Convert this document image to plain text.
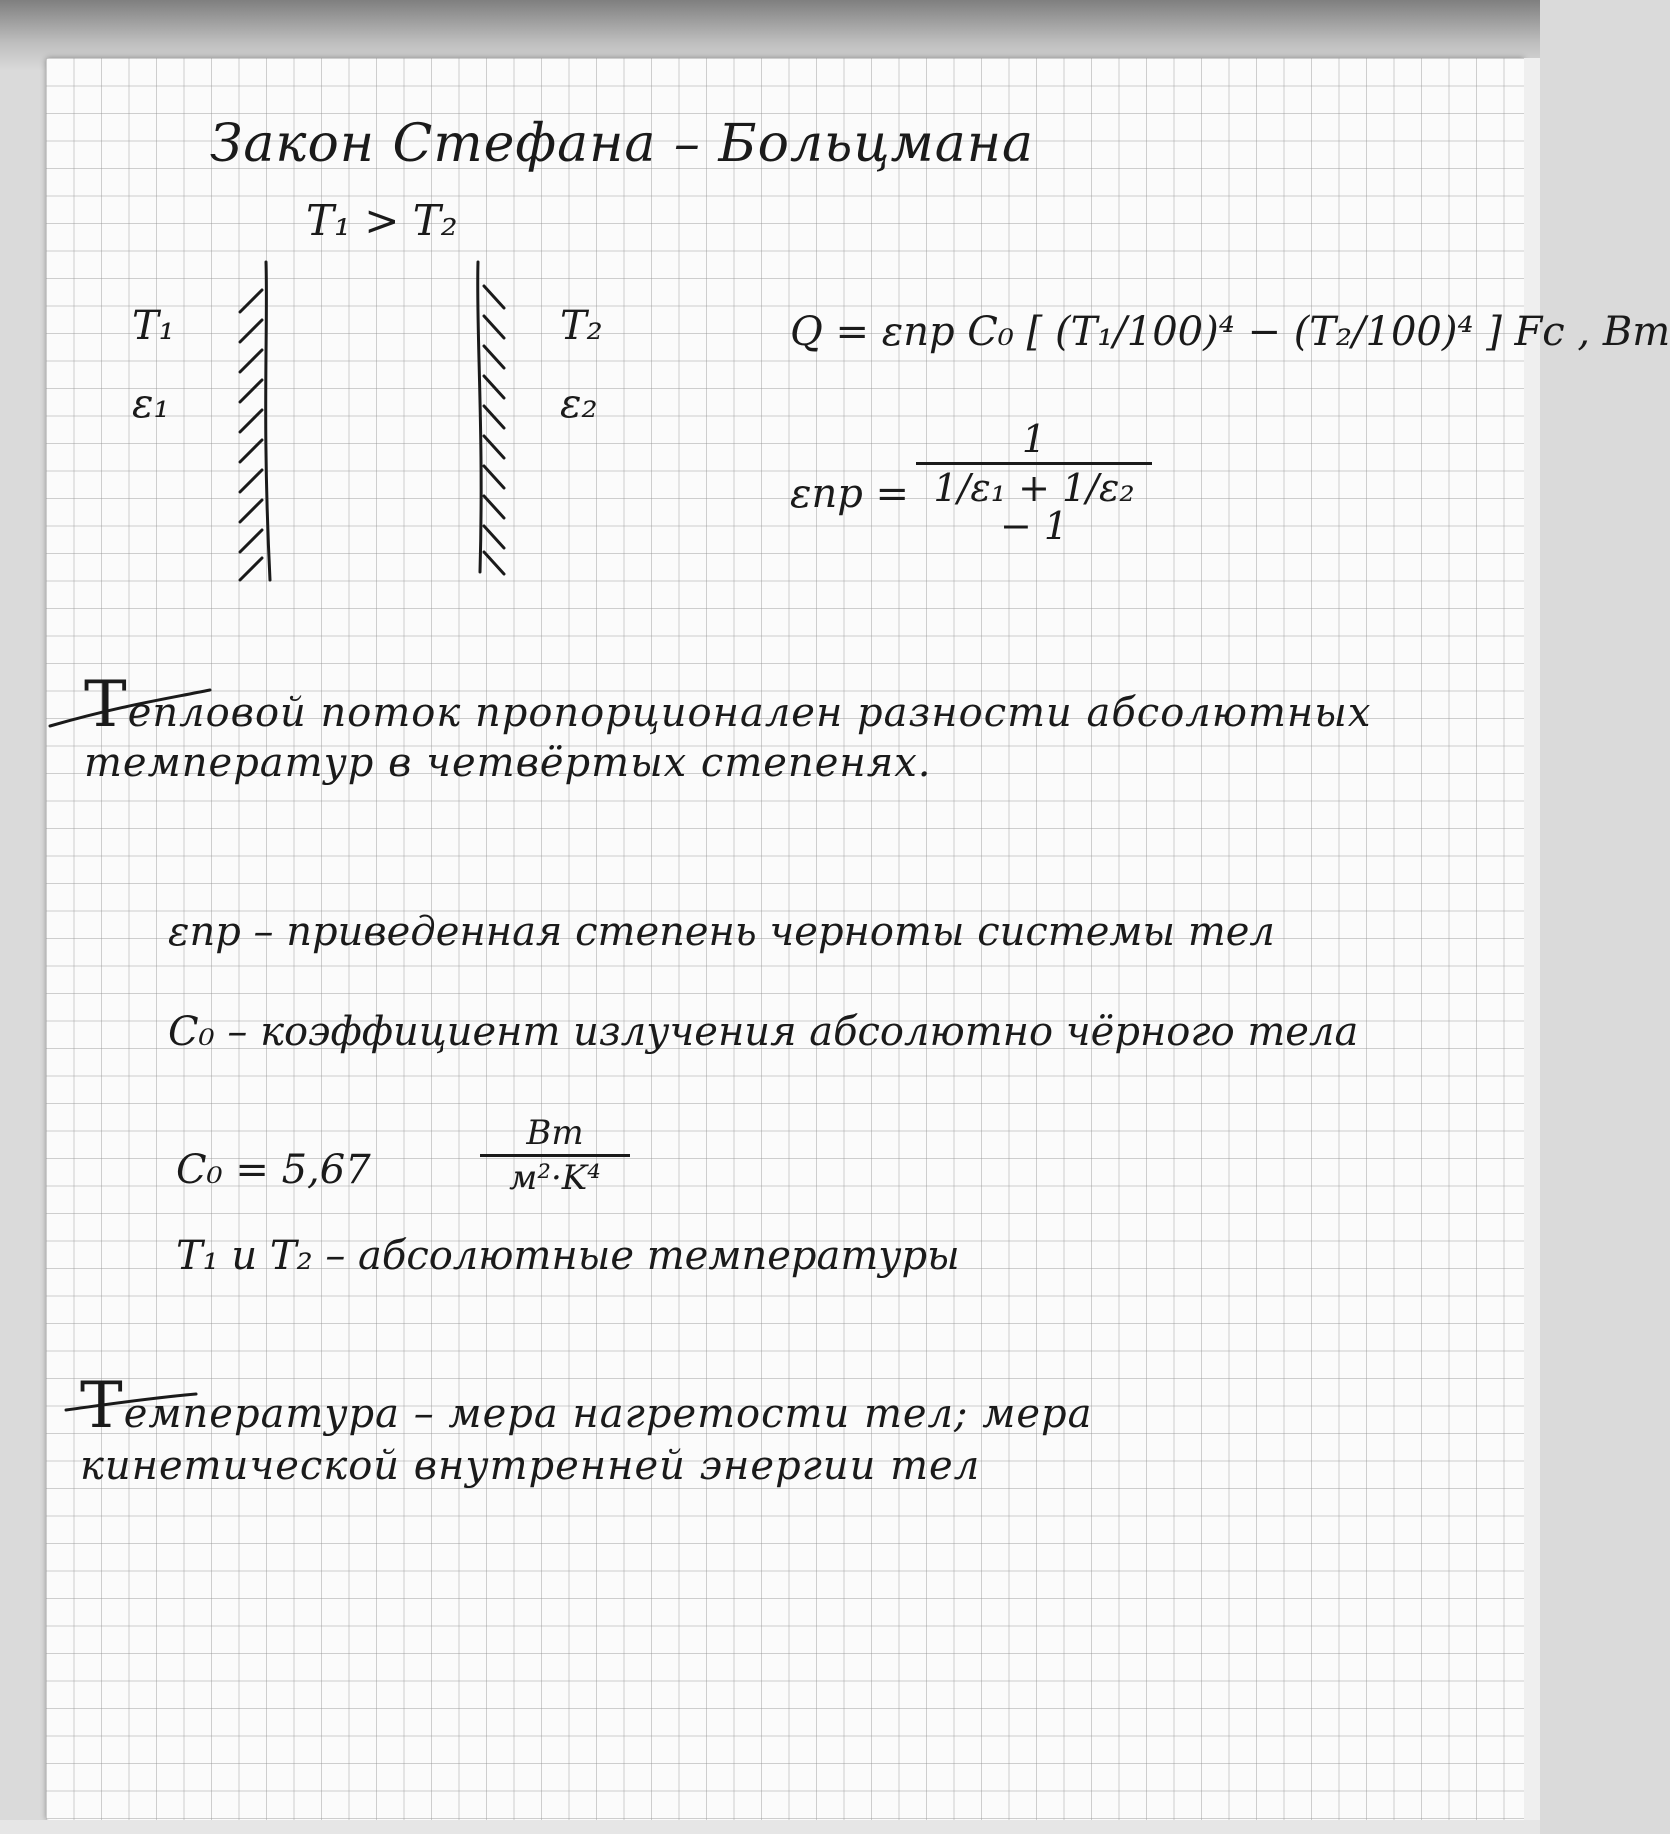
Закон Стефана – Больцмана
T₁ > T₂
T₁
ε₁
T₂
ε₂
Q = εпр C₀ [ (T₁/100)⁴ − (T₂/100)⁴ ] Fс , Вт
εпр =
1
1/ε₁ + 1/ε₂ − 1
Тепловой поток пропорционален разности абсолютных температур в четвёртых степенях.
εпр – приведенная степень черноты системы тел
C₀ – коэффициент излучения абсолютно чёрного тела
C₀ = 5,67
Вт
м²·K⁴
T₁ и T₂ – абсолютные температуры
Температура – мера нагретости тел; мера кинетической внутренней энергии тел
